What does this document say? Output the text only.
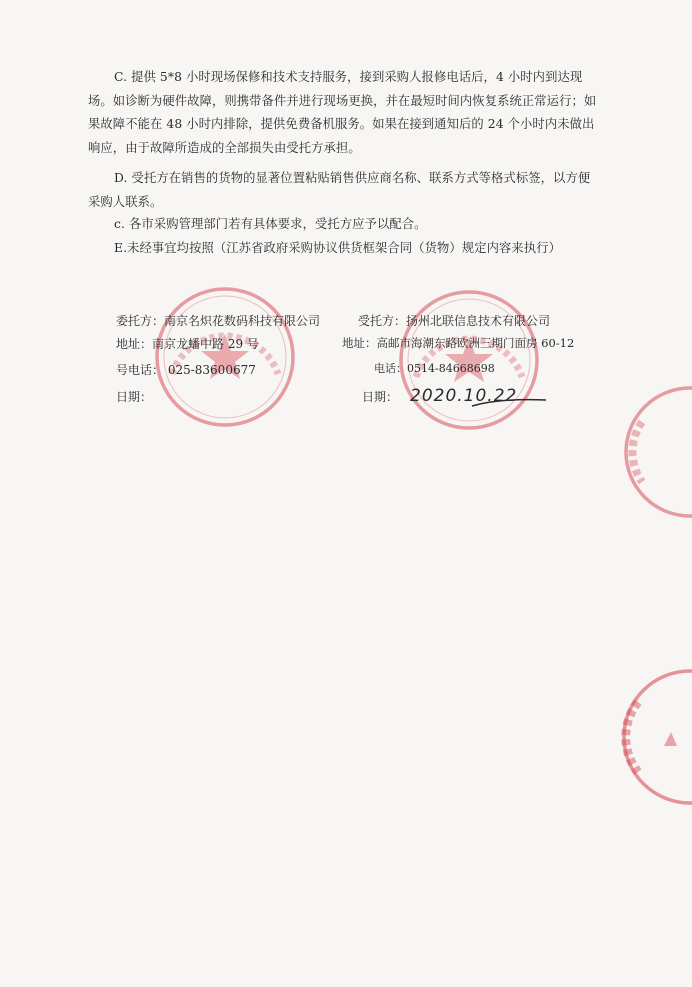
C. 提供 5*8 小时现场保修和技术支持服务，接到采购人报修电话后，4 小时内到达现场。如诊断为硬件故障，则携带备件并进行现场更换，并在最短时间内恢复系统正常运行；如果故障不能在 48 小时内排除，提供免费备机服务。如果在接到通知后的 24 个小时内未做出响应，由于故障所造成的全部损失由受托方承担。
D. 受托方在销售的货物的显著位置粘贴销售供应商名称、联系方式等格式标签，以方便采购人联系。
c. 各市采购管理部门若有具体要求，受托方应予以配合。
E.未经事宜均按照（江苏省政府采购协议供货框架合同（货物）规定内容来执行）
委托方：南京名炽花数码科技有限公司
地址：南京龙蟠中路 29 号
号电话： 025-83600677
日期：
受托方：扬州北联信息技术有限公司
地址：高邮市海潮东路欧洲三期门面房 60-12
电话：0514-84668698
日期： 2020.10.22
